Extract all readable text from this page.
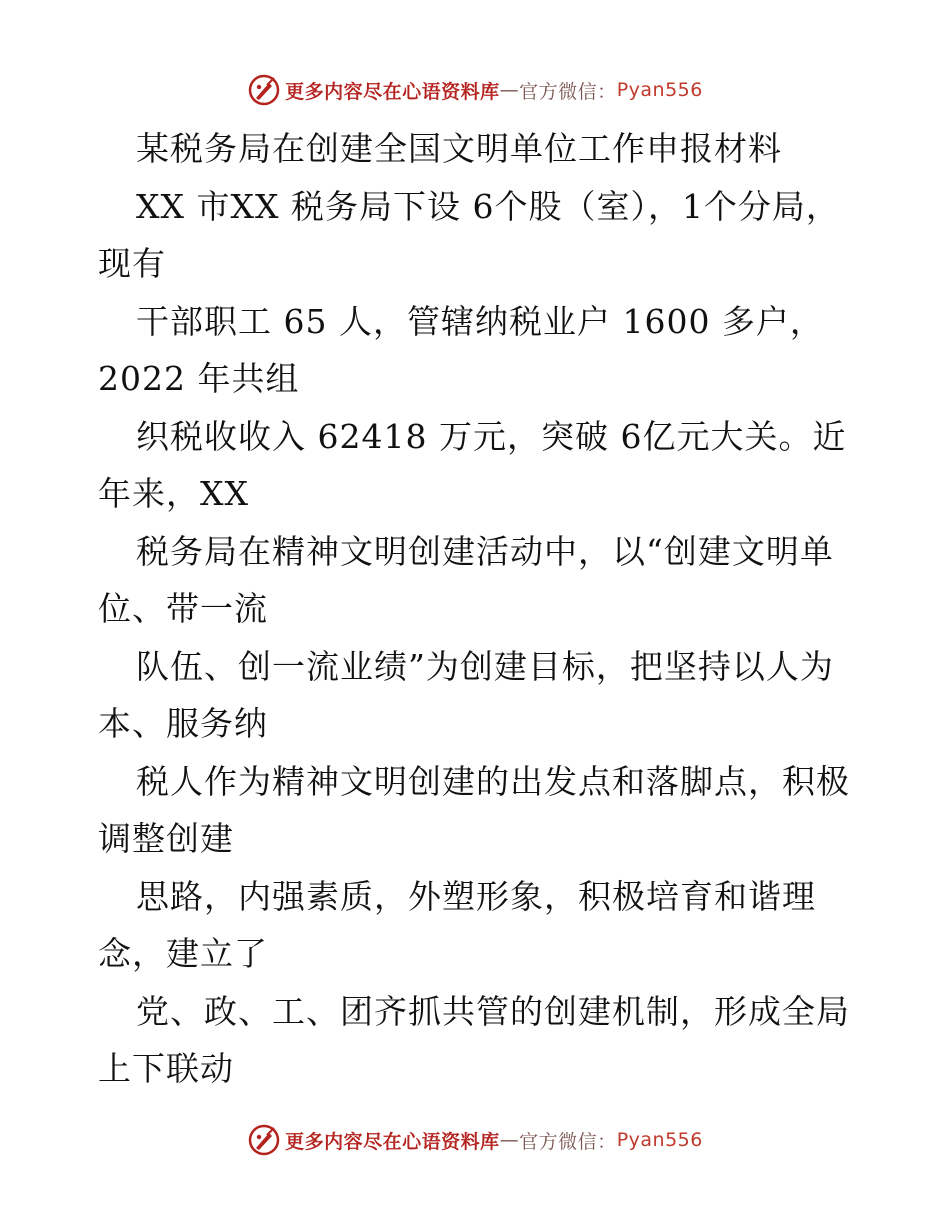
更多内容尽在心语资料库 — 官方微信： Pyan556
某税务局在创建全国文明单位工作申报材料
XX 市XX 税务局下设 6个股（室），1个分局，
现有
干部职工 65 人，管辖纳税业户 1600 多户，
2022 年共组
织税收收入 62418 万元，突破 6亿元大关。近
年来，XX
税务局在精神文明创建活动中，以“创建文明单
位、带一流
队伍、创一流业绩”为创建目标，把坚持以人为
本、服务纳
税人作为精神文明创建的出发点和落脚点，积极
调整创建
思路，内强素质，外塑形象，积极培育和谐理
念，建立了
党、政、工、团齐抓共管的创建机制，形成全局
上下联动
更多内容尽在心语资料库 — 官方微信： Pyan556
